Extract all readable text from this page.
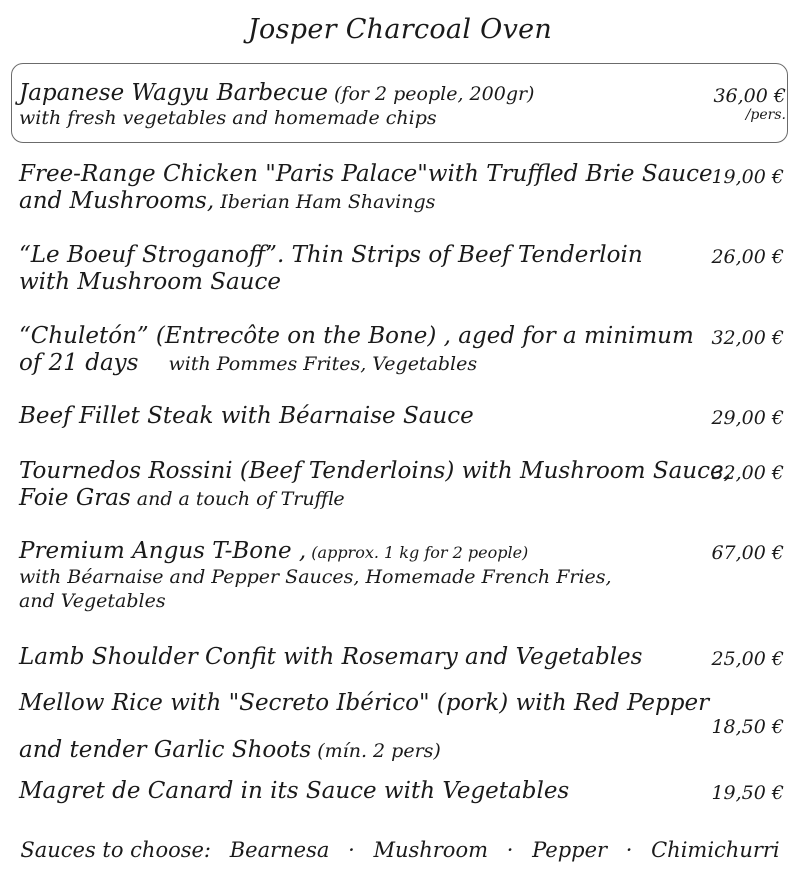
Josper Charcoal Oven
Japanese Wagyu Barbecue (for 2 people, 200gr)
with fresh vegetables and homemade chips
36,00 €
/pers.
Free-Range Chicken "Paris Palace"with Truffled Brie Sauce
and Mushrooms, Iberian Ham Shavings
19,00 €
“Le Boeuf Stroganoff”. Thin Strips of Beef Tenderloin
with Mushroom Sauce
26,00 €
“Chuletón” (Entrecôte on the Bone) , aged for a minimum
of 21 days with Pommes Frites, Vegetables
32,00 €
Beef Fillet Steak with Béarnaise Sauce	29,00 €
Tournedos Rossini (Beef Tenderloins) with Mushroom Sauce,
Foie Gras and a touch of Truffle
32,00 €
Premium Angus T-Bone , (approx. 1 kg for 2 people)
with Béarnaise and Pepper Sauces, Homemade French Fries,
and Vegetables
67,00 €
Lamb Shoulder Confit with Rosemary and Vegetables	25,00 €
Mellow Rice with "Secreto Ibérico" (pork) with Red Pepper
and tender Garlic Shoots (mín. 2 pers)
18,50 €
Magret de Canard in its Sauce with Vegetables	19,50 €
Sauces to choose: Bearnesa · Mushroom · Pepper · Chimichurri
